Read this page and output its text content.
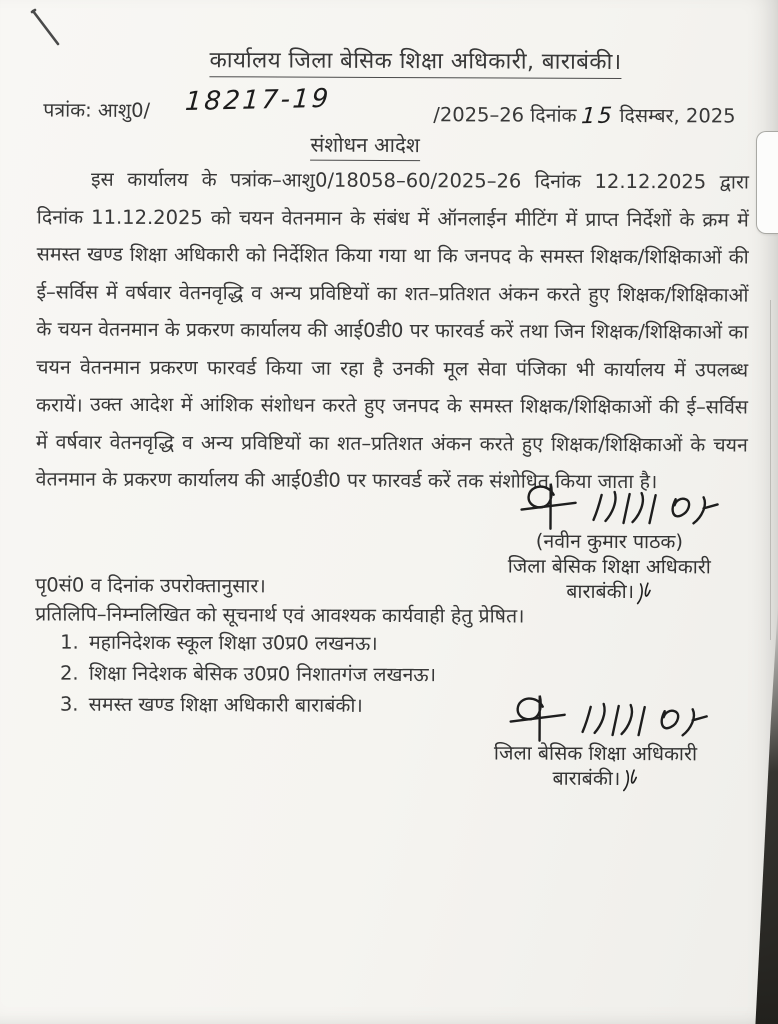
कार्यालय जिला बेसिक शिक्षा अधिकारी, बाराबंकी।
पत्रांक: आशु0/ 18217-19	/2025–26 दिनांक 15 दिसम्बर, 2025
संशोधन आदेश

इस कार्यालय के पत्रांक–आशु0/18058–60/2025–26 दिनांक 12.12.2025 द्वारा दिनांक 11.12.2025 को चयन वेतनमान के संबंध में ऑनलाईन मीटिंग में प्राप्त निर्देशों के क्रम में समस्त खण्ड शिक्षा अधिकारी को निर्देशित किया गया था कि जनपद के समस्त शिक्षक/शिक्षिकाओं की ई–सर्विस में वर्षवार वेतनवृद्धि व अन्य प्रविष्टियों का शत–प्रतिशत अंकन करते हुए शिक्षक/शिक्षिकाओं के चयन वेतनमान के प्रकरण कार्यालय की आई0डी0 पर फारवर्ड करें तथा जिन शिक्षक/शिक्षिकाओं का चयन वेतनमान प्रकरण फारवर्ड किया जा रहा है उनकी मूल सेवा पंजिका भी कार्यालय में उपलब्ध करायें। उक्त आदेश में आंशिक संशोधन करते हुए जनपद के समस्त शिक्षक/शिक्षिकाओं की ई–सर्विस में वर्षवार वेतनवृद्धि व अन्य प्रविष्टियों का शत–प्रतिशत अंकन करते हुए शिक्षक/शिक्षिकाओं के चयन वेतनमान के प्रकरण कार्यालय की आई0डी0 पर फारवर्ड करें तक संशोधित किया जाता है।

(नवीन कुमार पाठक)
जिला बेसिक शिक्षा अधिकारी
बाराबंकी।
पृ0सं0 व दिनांक उपरोक्तानुसार।
प्रतिलिपि–निम्नलिखित को सूचनार्थ एवं आवश्यक कार्यवाही हेतु प्रेषित।
1. महानिदेशक स्कूल शिक्षा उ0प्र0 लखनऊ।
2. शिक्षा निदेशक बेसिक उ0प्र0 निशातगंज लखनऊ।
3. समस्त खण्ड शिक्षा अधिकारी बाराबंकी।
जिला बेसिक शिक्षा अधिकारी
बाराबंकी।
